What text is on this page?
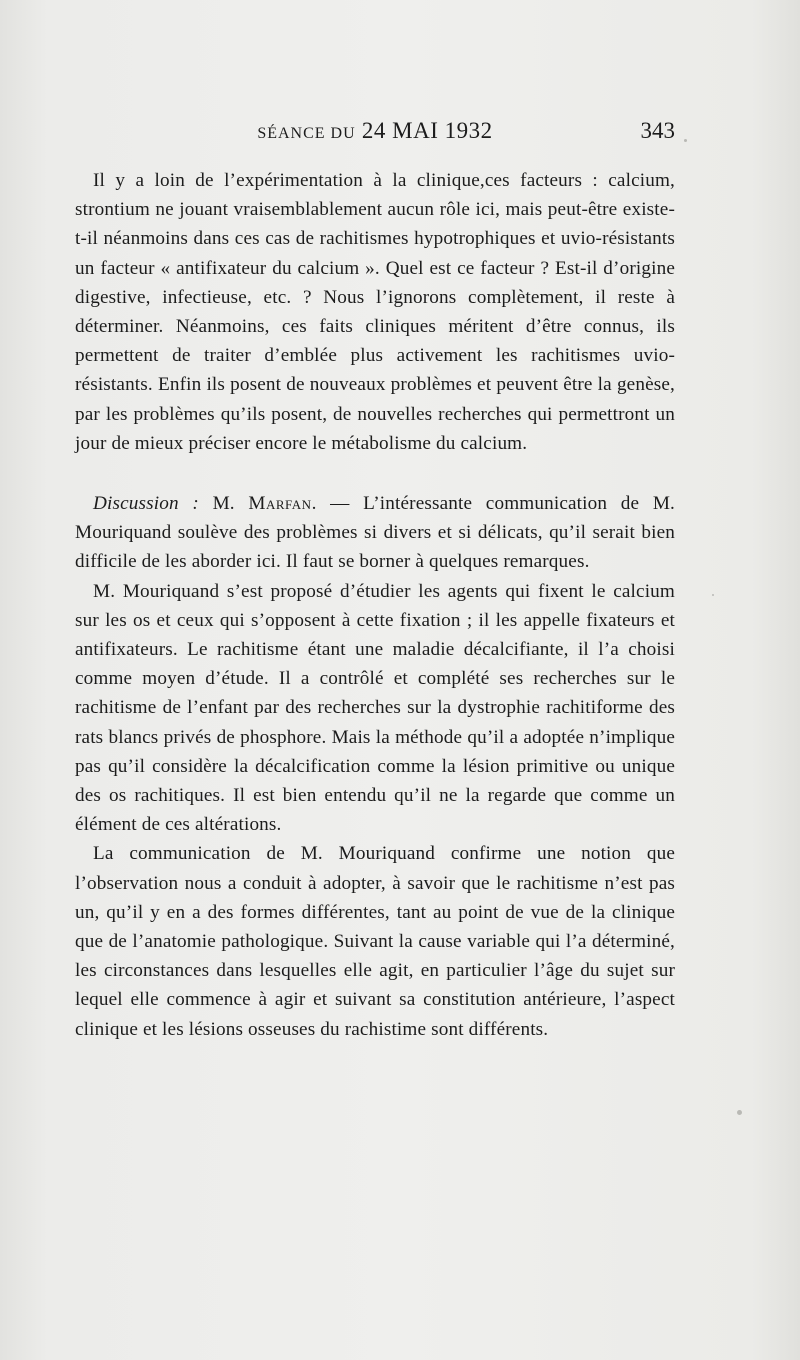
SÉANCE DU 24 MAI 1932	343

Il y a loin de l’expérimentation à la clinique,ces facteurs : calcium, strontium ne jouant vraisemblablement aucun rôle ici, mais peut-être existe-t-il néanmoins dans ces cas de rachitismes hypotrophiques et uvio-résistants un facteur « antifixateur du calcium ». Quel est ce facteur ? Est-il d’origine digestive, infectieuse, etc. ? Nous l’ignorons complètement, il reste à déterminer. Néanmoins, ces faits cliniques méritent d’être connus, ils permettent de traiter d’emblée plus activement les rachitismes uvio-résistants. Enfin ils posent de nouveaux problèmes et peuvent être la genèse, par les problèmes qu’ils posent, de nouvelles recherches qui permettront un jour de mieux préciser encore le métabolisme du calcium.

Discussion : M. Marfan. — L’intéressante communication de M. Mouriquand soulève des problèmes si divers et si délicats, qu’il serait bien difficile de les aborder ici. Il faut se borner à quelques remarques.

M. Mouriquand s’est proposé d’étudier les agents qui fixent le calcium sur les os et ceux qui s’opposent à cette fixation ; il les appelle fixateurs et antifixateurs. Le rachitisme étant une maladie décalcifiante, il l’a choisi comme moyen d’étude. Il a contrôlé et complété ses recherches sur le rachitisme de l’enfant par des recherches sur la dystrophie rachitiforme des rats blancs privés de phosphore. Mais la méthode qu’il a adoptée n’implique pas qu’il considère la décalcification comme la lésion primitive ou unique des os rachitiques. Il est bien entendu qu’il ne la regarde que comme un élément de ces altérations.

La communication de M. Mouriquand confirme une notion que l’observation nous a conduit à adopter, à savoir que le rachitisme n’est pas un, qu’il y en a des formes différentes, tant au point de vue de la clinique que de l’anatomie pathologique. Suivant la cause variable qui l’a déterminé, les circonstances dans lesquelles elle agit, en particulier l’âge du sujet sur lequel elle commence à agir et suivant sa constitution antérieure, l’aspect clinique et les lésions osseuses du rachistime sont différents.
